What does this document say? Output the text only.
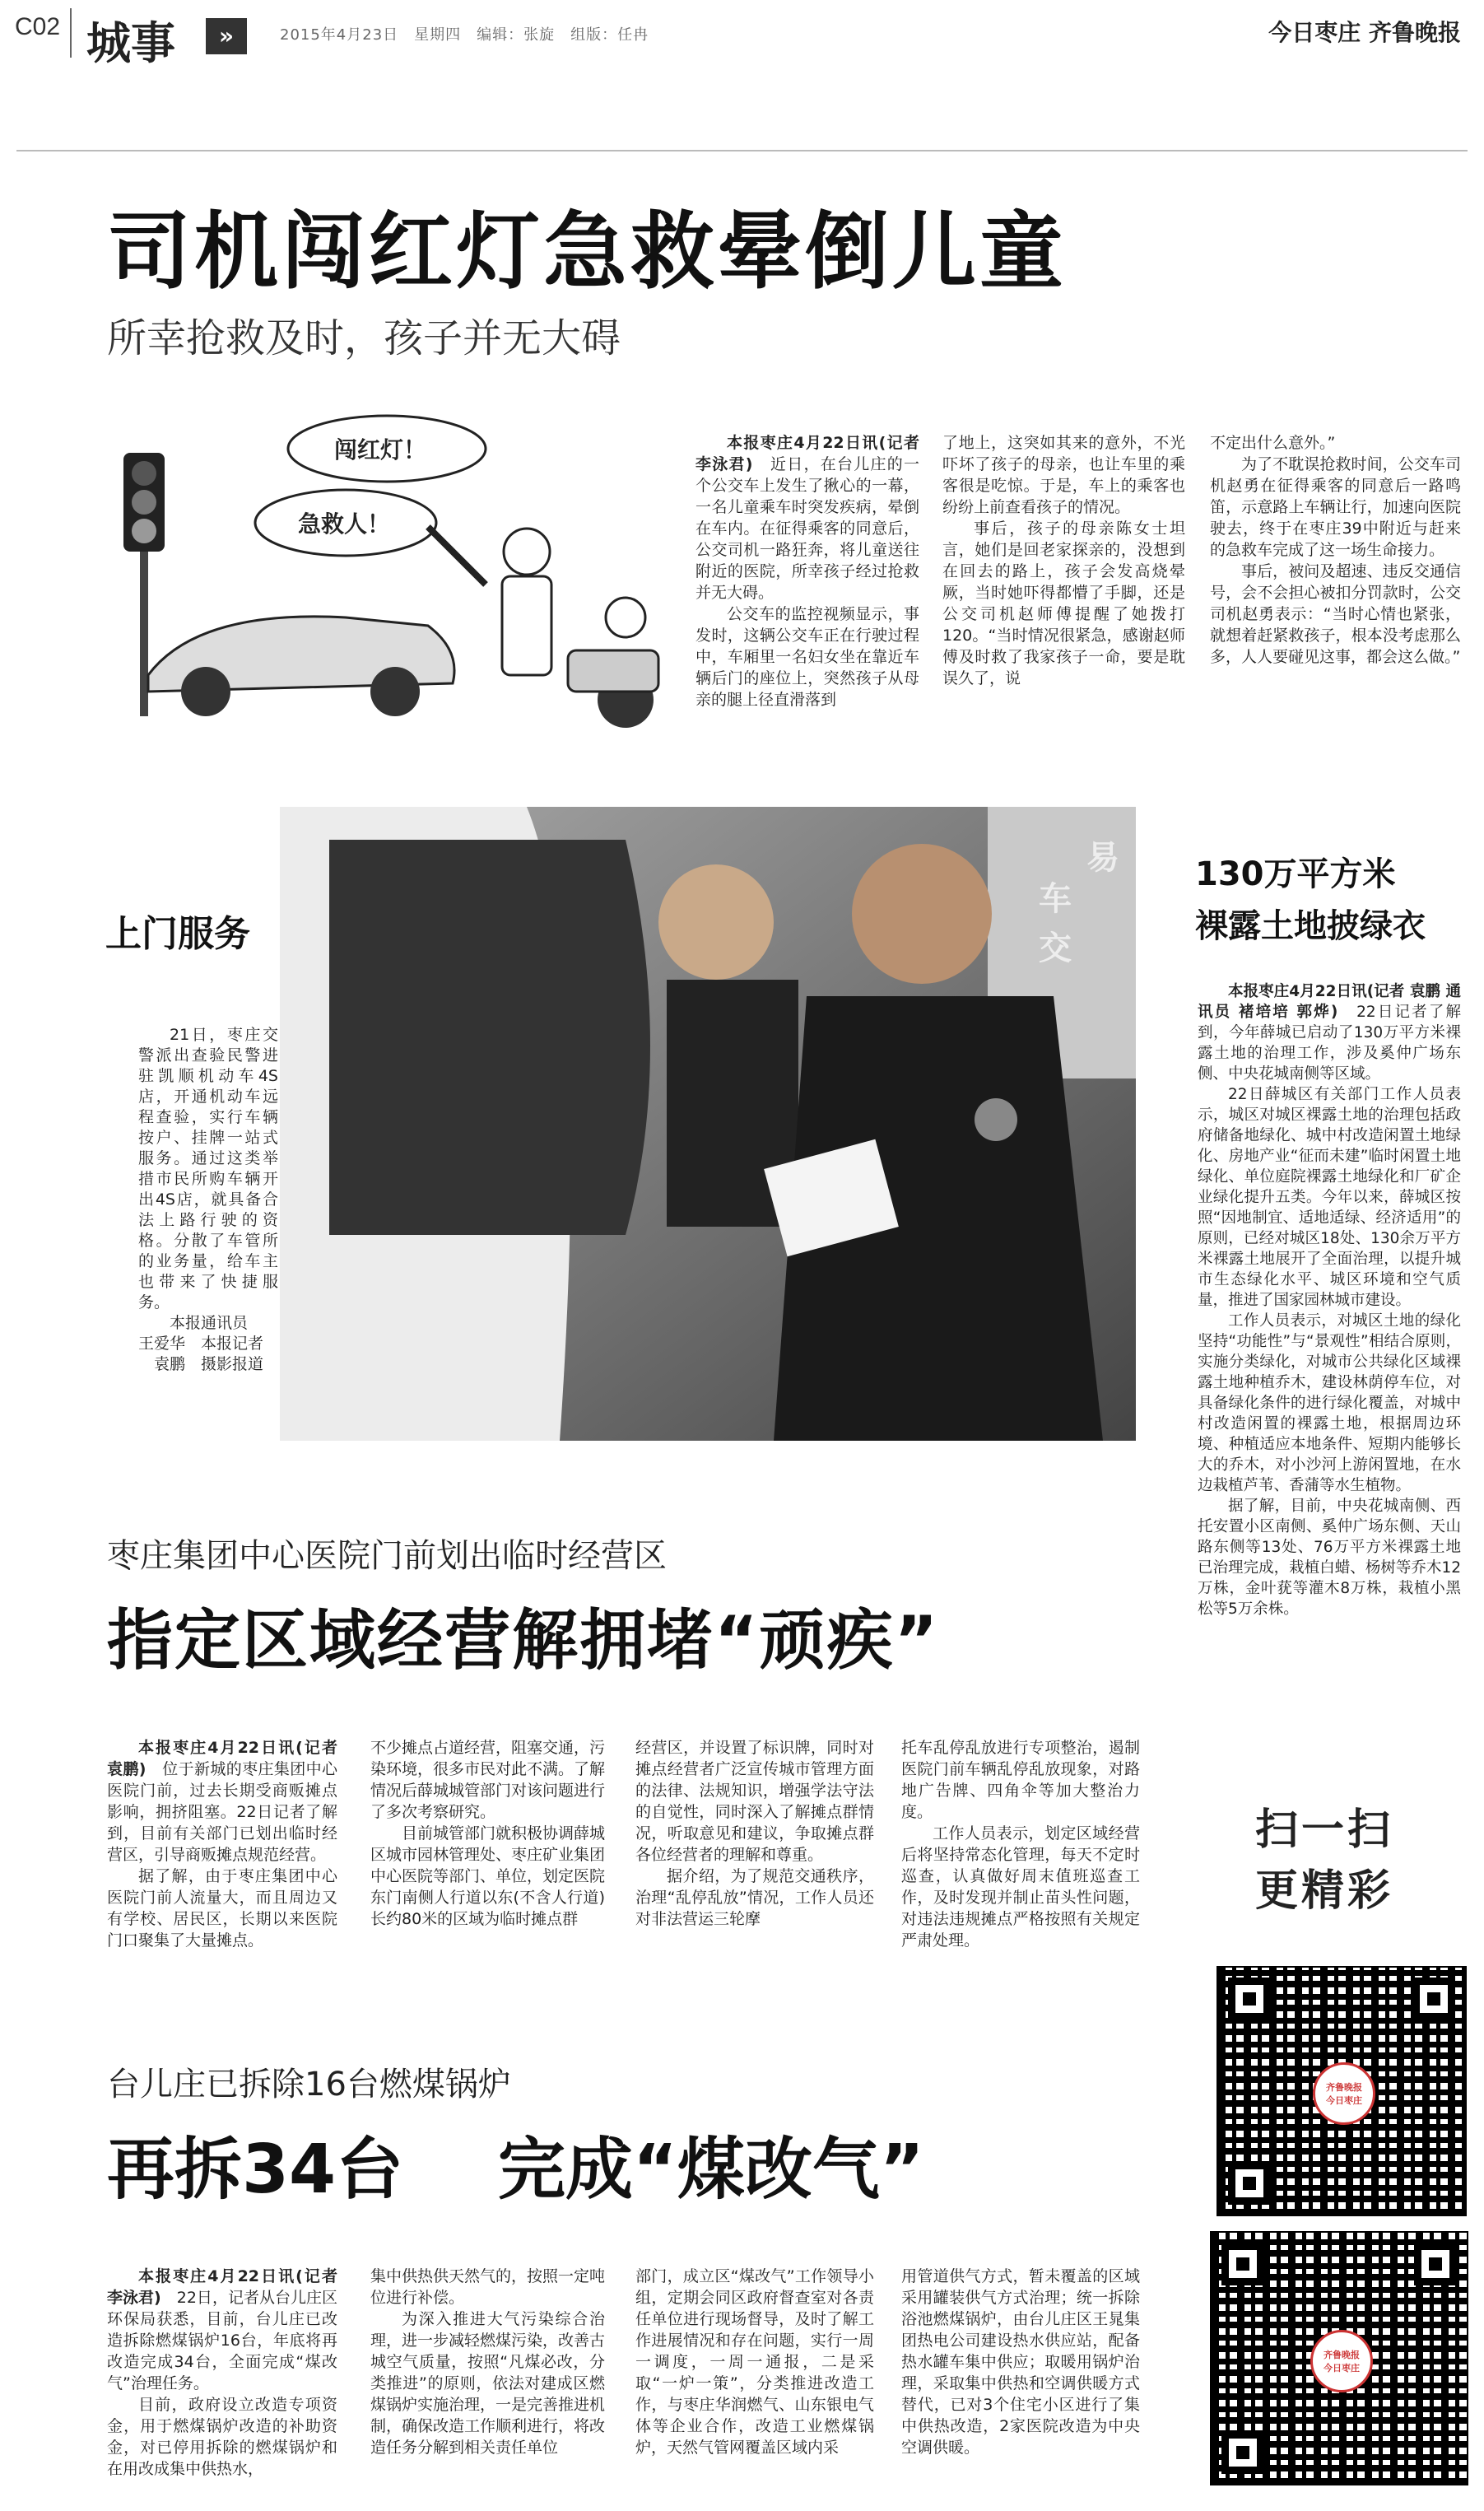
C02 城事	»	2015年4月23日　星期四　编辑：张旋　组版：任冉	今日枣庄 齐鲁晚报
司机闯红灯急救晕倒儿童
所幸抢救及时，孩子并无大碍
闯红灯！
急救人！

本报枣庄4月22日讯(记者 李泳君)　 近日，在台儿庄的一个公交车上发生了揪心的一幕，一名儿童乘车时突发疾病，晕倒在车内。在征得乘客的同意后，公交司机一路狂奔，将儿童送往附近的医院，所幸孩子经过抢救并无大碍。

公交车的监控视频显示，事发时，这辆公交车正在行驶过程中，车厢里一名妇女坐在靠近车辆后门的座位上，突然孩子从母亲的腿上径直滑落到

了地上，这突如其来的意外，不光吓坏了孩子的母亲，也让车里的乘客很是吃惊。于是，车上的乘客也纷纷上前查看孩子的情况。

事后，孩子的母亲陈女士坦言，她们是回老家探亲的，没想到在回去的路上，孩子会发高烧晕厥，当时她吓得都懵了手脚，还是公交司机赵师傅提醒了她拨打120。“当时情况很紧急，感谢赵师傅及时救了我家孩子一命，要是耽误久了，说

不定出什么意外。”

为了不耽误抢救时间，公交车司机赵勇在征得乘客的同意后一路鸣笛，示意路上车辆让行，加速向医院驶去，终于在枣庄39中附近与赶来的急救车完成了这一场生命接力。

事后，被问及超速、违反交通信号，会不会担心被扣分罚款时，公交司机赵勇表示：“当时心情也紧张，就想着赶紧救孩子，根本没考虑那么多，人人要碰见这事，都会这么做。”

上门服务

21日，枣庄交警派出查验民警进驻凯顺机动车4S店，开通机动车远程查验，实行车辆按户、挂牌一站式服务。通过这类举措市民所购车辆开出4S店，就具备合法上路行驶的资格。分散了车管所的业务量，给车主也带来了快捷服务。

本报通讯员

王爱华　本报记者

袁鹏　摄影报道

车
交
易 130万平方米
裸露土地披绿衣

本报枣庄4月22日讯(记者 袁鹏 通讯员 褚培培 郭烨)　 22日记者了解到，今年薛城已启动了130万平方米裸露土地的治理工作，涉及奚仲广场东侧、中央花城南侧等区域。

22日薛城区有关部门工作人员表示，城区对城区裸露土地的治理包括政府储备地绿化、城中村改造闲置土地绿化、房地产业“征而未建”临时闲置土地绿化、单位庭院裸露土地绿化和厂矿企业绿化提升五类。今年以来，薛城区按照“因地制宜、适地适绿、经济适用”的原则，已经对城区18处、130余万平方米裸露土地展开了全面治理，以提升城市生态绿化水平、城区环境和空气质量，推进了国家园林城市建设。

工作人员表示，对城区土地的绿化坚持“功能性”与“景观性”相结合原则，实施分类绿化，对城市公共绿化区域裸露土地种植乔木，建设林荫停车位，对具备绿化条件的进行绿化覆盖，对城中村改造闲置的裸露土地，根据周边环境、种植适应本地条件、短期内能够长大的乔木，对小沙河上游闲置地，在水边栽植芦苇、香蒲等水生植物。

据了解，目前，中央花城南侧、西托安置小区南侧、奚仲广场东侧、天山路东侧等13处、76万平方米裸露土地已治理完成，栽植白蜡、杨树等乔木12万株，金叶莸等灌木8万株，栽植小黑松等5万余株。

枣庄集团中心医院门前划出临时经营区
指定区域经营解拥堵“顽疾”

本报枣庄4月22日讯(记者 袁鹏)　 位于新城的枣庄集团中心医院门前，过去长期受商贩摊点影响，拥挤阻塞。22日记者了解到，目前有关部门已划出临时经营区，引导商贩摊点规范经营。

据了解，由于枣庄集团中心医院门前人流量大，而且周边又有学校、居民区，长期以来医院门口聚集了大量摊点。

不少摊点占道经营，阻塞交通，污染环境，很多市民对此不满。了解情况后薛城城管部门对该问题进行了多次考察研究。

目前城管部门就积极协调薛城区城市园林管理处、枣庄矿业集团中心医院等部门、单位，划定医院东门南侧人行道以东(不含人行道)长约80米的区域为临时摊点群

经营区，并设置了标识牌，同时对摊点经营者广泛宣传城市管理方面的法律、法规知识，增强学法守法的自觉性，同时深入了解摊点群情况，听取意见和建议，争取摊点群各位经营者的理解和尊重。

据介绍，为了规范交通秩序，治理“乱停乱放”情况，工作人员还对非法营运三轮摩

托车乱停乱放进行专项整治，遏制医院门前车辆乱停乱放现象，对路地广告牌、四角伞等加大整治力度。

工作人员表示，划定区域经营后将坚持常态化管理，每天不定时巡查，认真做好周末值班巡查工作，及时发现并制止苗头性问题，对违法违规摊点严格按照有关规定严肃处理。

扫一扫
更精彩
齐鲁晚报
今日枣庄
齐鲁晚报
今日枣庄
台儿庄已拆除16台燃煤锅炉
再拆34台 完成“煤改气”

本报枣庄4月22日讯(记者 李泳君)　 22日，记者从台儿庄区环保局获悉，目前，台儿庄已改造拆除燃煤锅炉16台，年底将再改造完成34台，全面完成“煤改气”治理任务。

目前，政府设立改造专项资金，用于燃煤锅炉改造的补助资金，对已停用拆除的燃煤锅炉和在用改成集中供热水，

集中供热供天然气的，按照一定吨位进行补偿。

为深入推进大气污染综合治理，进一步减轻燃煤污染，改善古城空气质量，按照“凡煤必改，分类推进”的原则，依法对建成区燃煤锅炉实施治理，一是完善推进机制，确保改造工作顺利进行，将改造任务分解到相关责任单位

部门，成立区“煤改气”工作领导小组，定期会同区政府督查室对各责任单位进行现场督导，及时了解工作进展情况和存在问题，实行一周一调度，一周一通报，二是采取“一炉一策”，分类推进改造工作，与枣庄华润燃气、山东银电气体等企业合作，改造工业燃煤锅炉，天然气管网覆盖区域内采

用管道供气方式，暂未覆盖的区域采用罐装供气方式治理；统一拆除浴池燃煤锅炉，由台儿庄区王晁集团热电公司建设热水供应站，配备热水罐车集中供应；取暖用锅炉治理，采取集中供热和空调供暖方式替代，已对3个住宅小区进行了集中供热改造，2家医院改造为中央空调供暖。
